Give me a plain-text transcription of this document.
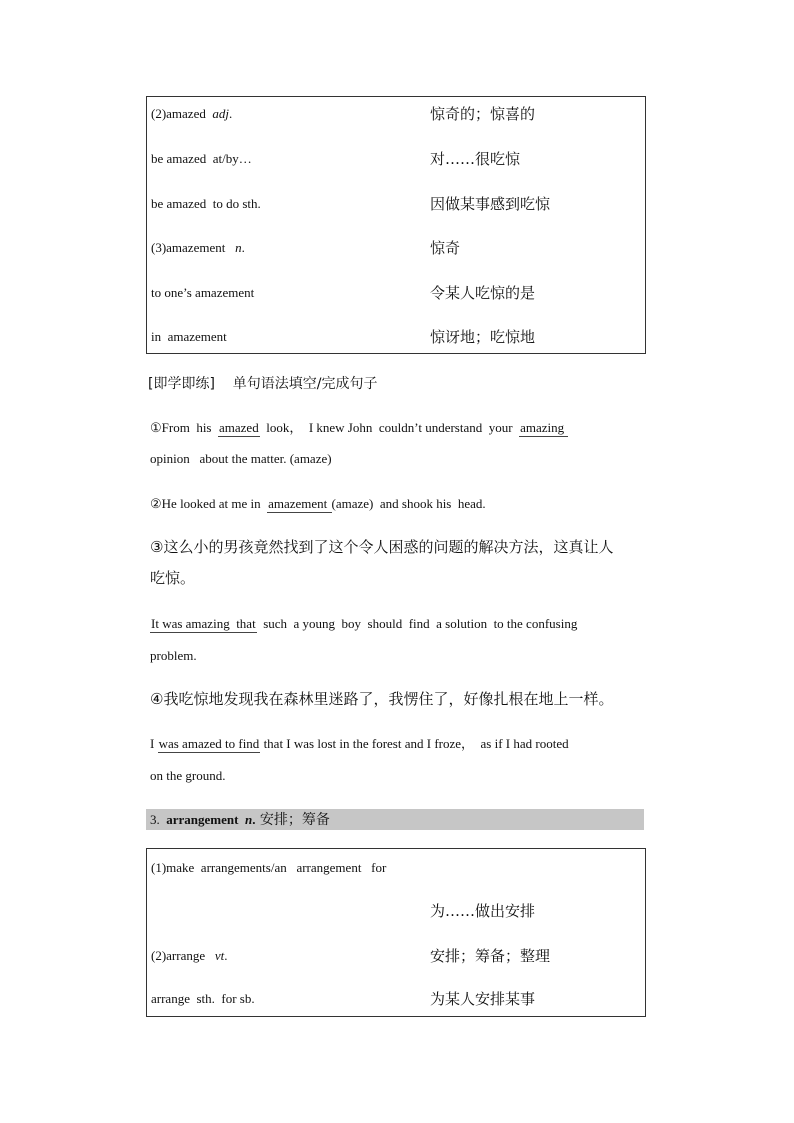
(2)amazed  adj.	惊奇的；惊喜的
be amazed  at/by…	对……很吃惊
be amazed  to do sth.	因做某事感到吃惊
(3)amazement   n.	惊奇
to one’s amazement	令某人吃惊的是
in  amazement	惊讶地；吃惊地
[即学即练]    单句语法填空/完成句子
①From  his  amazed  look，  I knew John  couldn’t understand  your  amazing
opinion   about the matter. (amaze)
②He looked at me in  amazement (amaze)  and shook his  head.
③这么小的男孩竟然找到了这个令人困惑的问题的解决方法，这真让人
吃惊。
It was amazing  that  such  a young  boy  should  find  a solution  to the confusing
problem.
④我吃惊地发现我在森林里迷路了，我愣住了，好像扎根在地上一样。
I was amazed to find that I was lost in the forest and I froze，  as if I had rooted
on the ground.
3.  arrangement  n. 安排；筹备
(1)make  arrangements/an   arrangement   for
为……做出安排
(2)arrange   vt.	安排；筹备；整理
arrange  sth.  for sb.	为某人安排某事
